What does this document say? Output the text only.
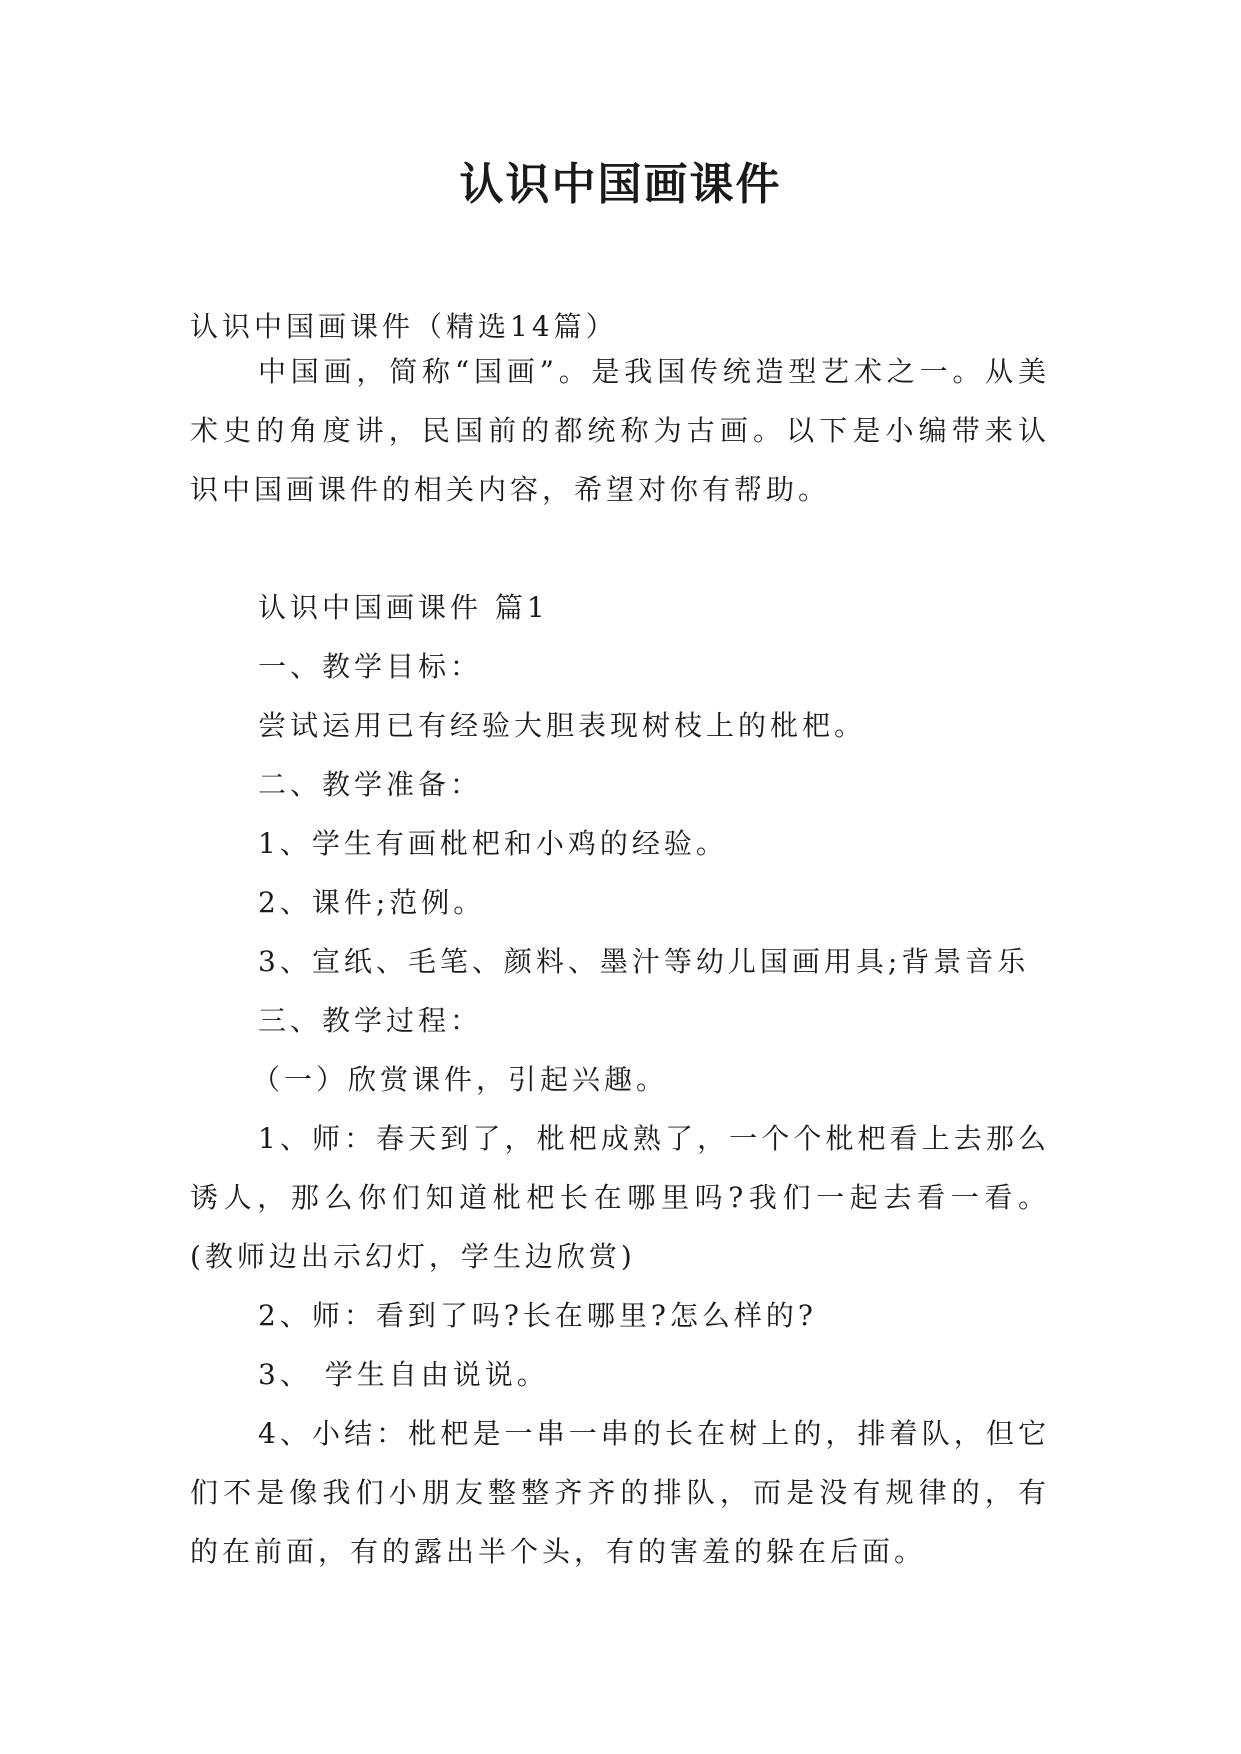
认识中国画课件
认识中国画课件（精选14篇）
中国画，简称“国画”。是我国传统造型艺术之一。从美术史的角度讲，民国前的都统称为古画。以下是小编带来认识中国画课件的相关内容，希望对你有帮助。
认识中国画课件 篇1
一、教学目标：
尝试运用已有经验大胆表现树枝上的枇杷。
二、教学准备：
1、学生有画枇杷和小鸡的经验。
2、课件;范例。
3、宣纸、毛笔、颜料、墨汁等幼儿国画用具;背景音乐
三、教学过程：
（一）欣赏课件，引起兴趣。
1、师：春天到了，枇杷成熟了，一个个枇杷看上去那么诱人，那么你们知道枇杷长在哪里吗?我们一起去看一看。(教师边出示幻灯，学生边欣赏)
2、师：看到了吗?长在哪里?怎么样的?
3、 学生自由说说。
4、小结：枇杷是一串一串的长在树上的，排着队，但它们不是像我们小朋友整整齐齐的排队，而是没有规律的，有的在前面，有的露出半个头，有的害羞的躲在后面。
